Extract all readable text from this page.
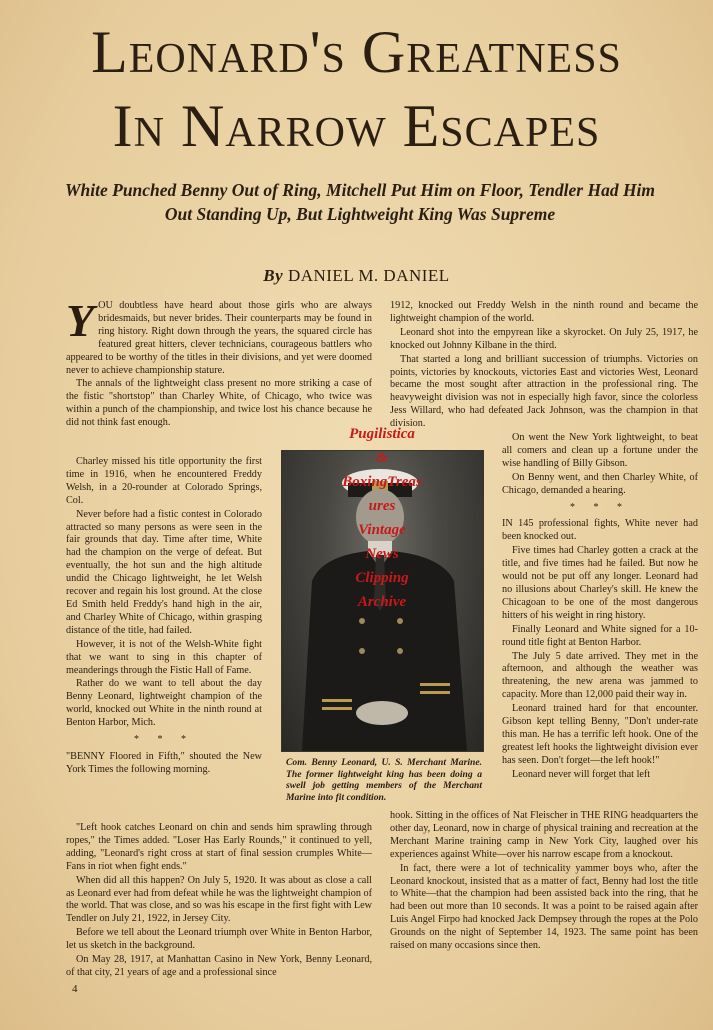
Leonard's Greatness
In Narrow Escapes
White Punched Benny Out of Ring, Mitchell Put Him on Floor, Tendler Had Him Out Standing Up, But Lightweight King Was Supreme
By DANIEL M. DANIEL

YOU doubtless have heard about those girls who are always bridesmaids, but never brides. Their counterparts may be found in ring history. Right down through the years, the squared circle has featured great hitters, clever technicians, courageous battlers who appeared to be worthy of the titles in their divisions, and yet were doomed never to achieve championship stature.

The annals of the lightweight class present no more striking a case of the fistic "shortstop" than Charley White, of Chicago, who twice was within a punch of the championship, and twice lost his chance because he did not think fast enough.

1912, knocked out Freddy Welsh in the ninth round and became the lightweight champion of the world.

Leonard shot into the empyrean like a skyrocket. On July 25, 1917, he knocked out Johnny Kilbane in the third.

That started a long and brilliant succession of triumphs. Victories on points, victories by knockouts, victories East and victories West, Leonard became the most sought after attraction in the professional ring. The heavyweight division was not in especially high favor, since the colorless Jess Willard, who had defeated Jack Johnson, was the champion in that division.

Charley missed his title opportunity the first time in 1916, when he encountered Freddy Welsh, in a 20-rounder at Colorado Springs, Col.

Never before had a fistic contest in Colorado attracted so many persons as were seen in the fair grounds that day. Time after time, White had the champion on the verge of defeat. But eventually, the hot sun and the high altitude undid the Chicago lightweight, he let Welsh recover and regain his lost ground. At the close Ed Smith held Freddy's hand high in the air, and Charley White of Chicago, within grasping distance of the title, had failed.

However, it is not of the Welsh-White fight that we want to sing in this chapter of meanderings through the Fistic Hall of Fame.

Rather do we want to tell about the day Benny Leonard, lightweight champion of the world, knocked out White in the ninth round at Benton Harbor, Mich.

* * *

"BENNY Floored in Fifth," shouted the New York Times the following morning.

On went the New York lightweight, to beat all comers and clean up a fortune under the wise handling of Billy Gibson.

On Benny went, and then Charley White, of Chicago, demanded a hearing.

* * *

IN 145 professional fights, White never had been knocked out.

Five times had Charley gotten a crack at the title, and five times had he failed. But now he would not be put off any longer. Leonard had no illusions about Charley's skill. He knew the Chicagoan to be one of the most dangerous hitters of his weight in ring history.

Finally Leonard and White signed for a 10-round title fight at Benton Harbor.

The July 5 date arrived. They met in the afternoon, and although the weather was threatening, the new arena was jammed to capacity. More than 12,000 paid their way in.

Leonard trained hard for that encounter. Gibson kept telling Benny, "Don't under-rate this man. He has a terrific left hook. One of the greatest left hooks the lightweight division ever has seen. Don't forget—the left hook!"

Leonard never will forget that left

Pugilistica
&
BoxingTreas
ures
Vintage
News
Clipping
Archive
Com. Benny Leonard, U. S. Merchant Marine. The former lightweight king has been doing a swell job getting members of the Merchant Marine into fit condition.

"Left hook catches Leonard on chin and sends him sprawling through ropes," the Times added. "Loser Has Early Rounds," it continued to yell, adding, "Leonard's right cross at start of final session crumples White—Fans in riot when fight ends."

When did all this happen? On July 5, 1920. It was about as close a call as Leonard ever had from defeat while he was the lightweight champion of the world. That was close, and so was his escape in the first fight with Lew Tendler on July 21, 1922, in Jersey City.

Before we tell about the Leonard triumph over White in Benton Harbor, let us sketch in the background.

On May 28, 1917, at Manhattan Casino in New York, Benny Leonard, of that city, 21 years of age and a professional since

hook. Sitting in the offices of Nat Fleischer in THE RING headquarters the other day, Leonard, now in charge of physical training and recreation at the Merchant Marine training camp in New York City, laughed over his experiences against White—over his narrow escape from a knockout.

In fact, there were a lot of technicality yammer boys who, after the Leonard knockout, insisted that as a matter of fact, Benny had lost the title to White—that the champion had been assisted back into the ring, that he had been out more than 10 seconds. It was a point to be raised again after Luis Angel Firpo had knocked Jack Dempsey through the ropes at the Polo Grounds on the night of September 14, 1923. The same point has been raised on many occasions since then.

4
